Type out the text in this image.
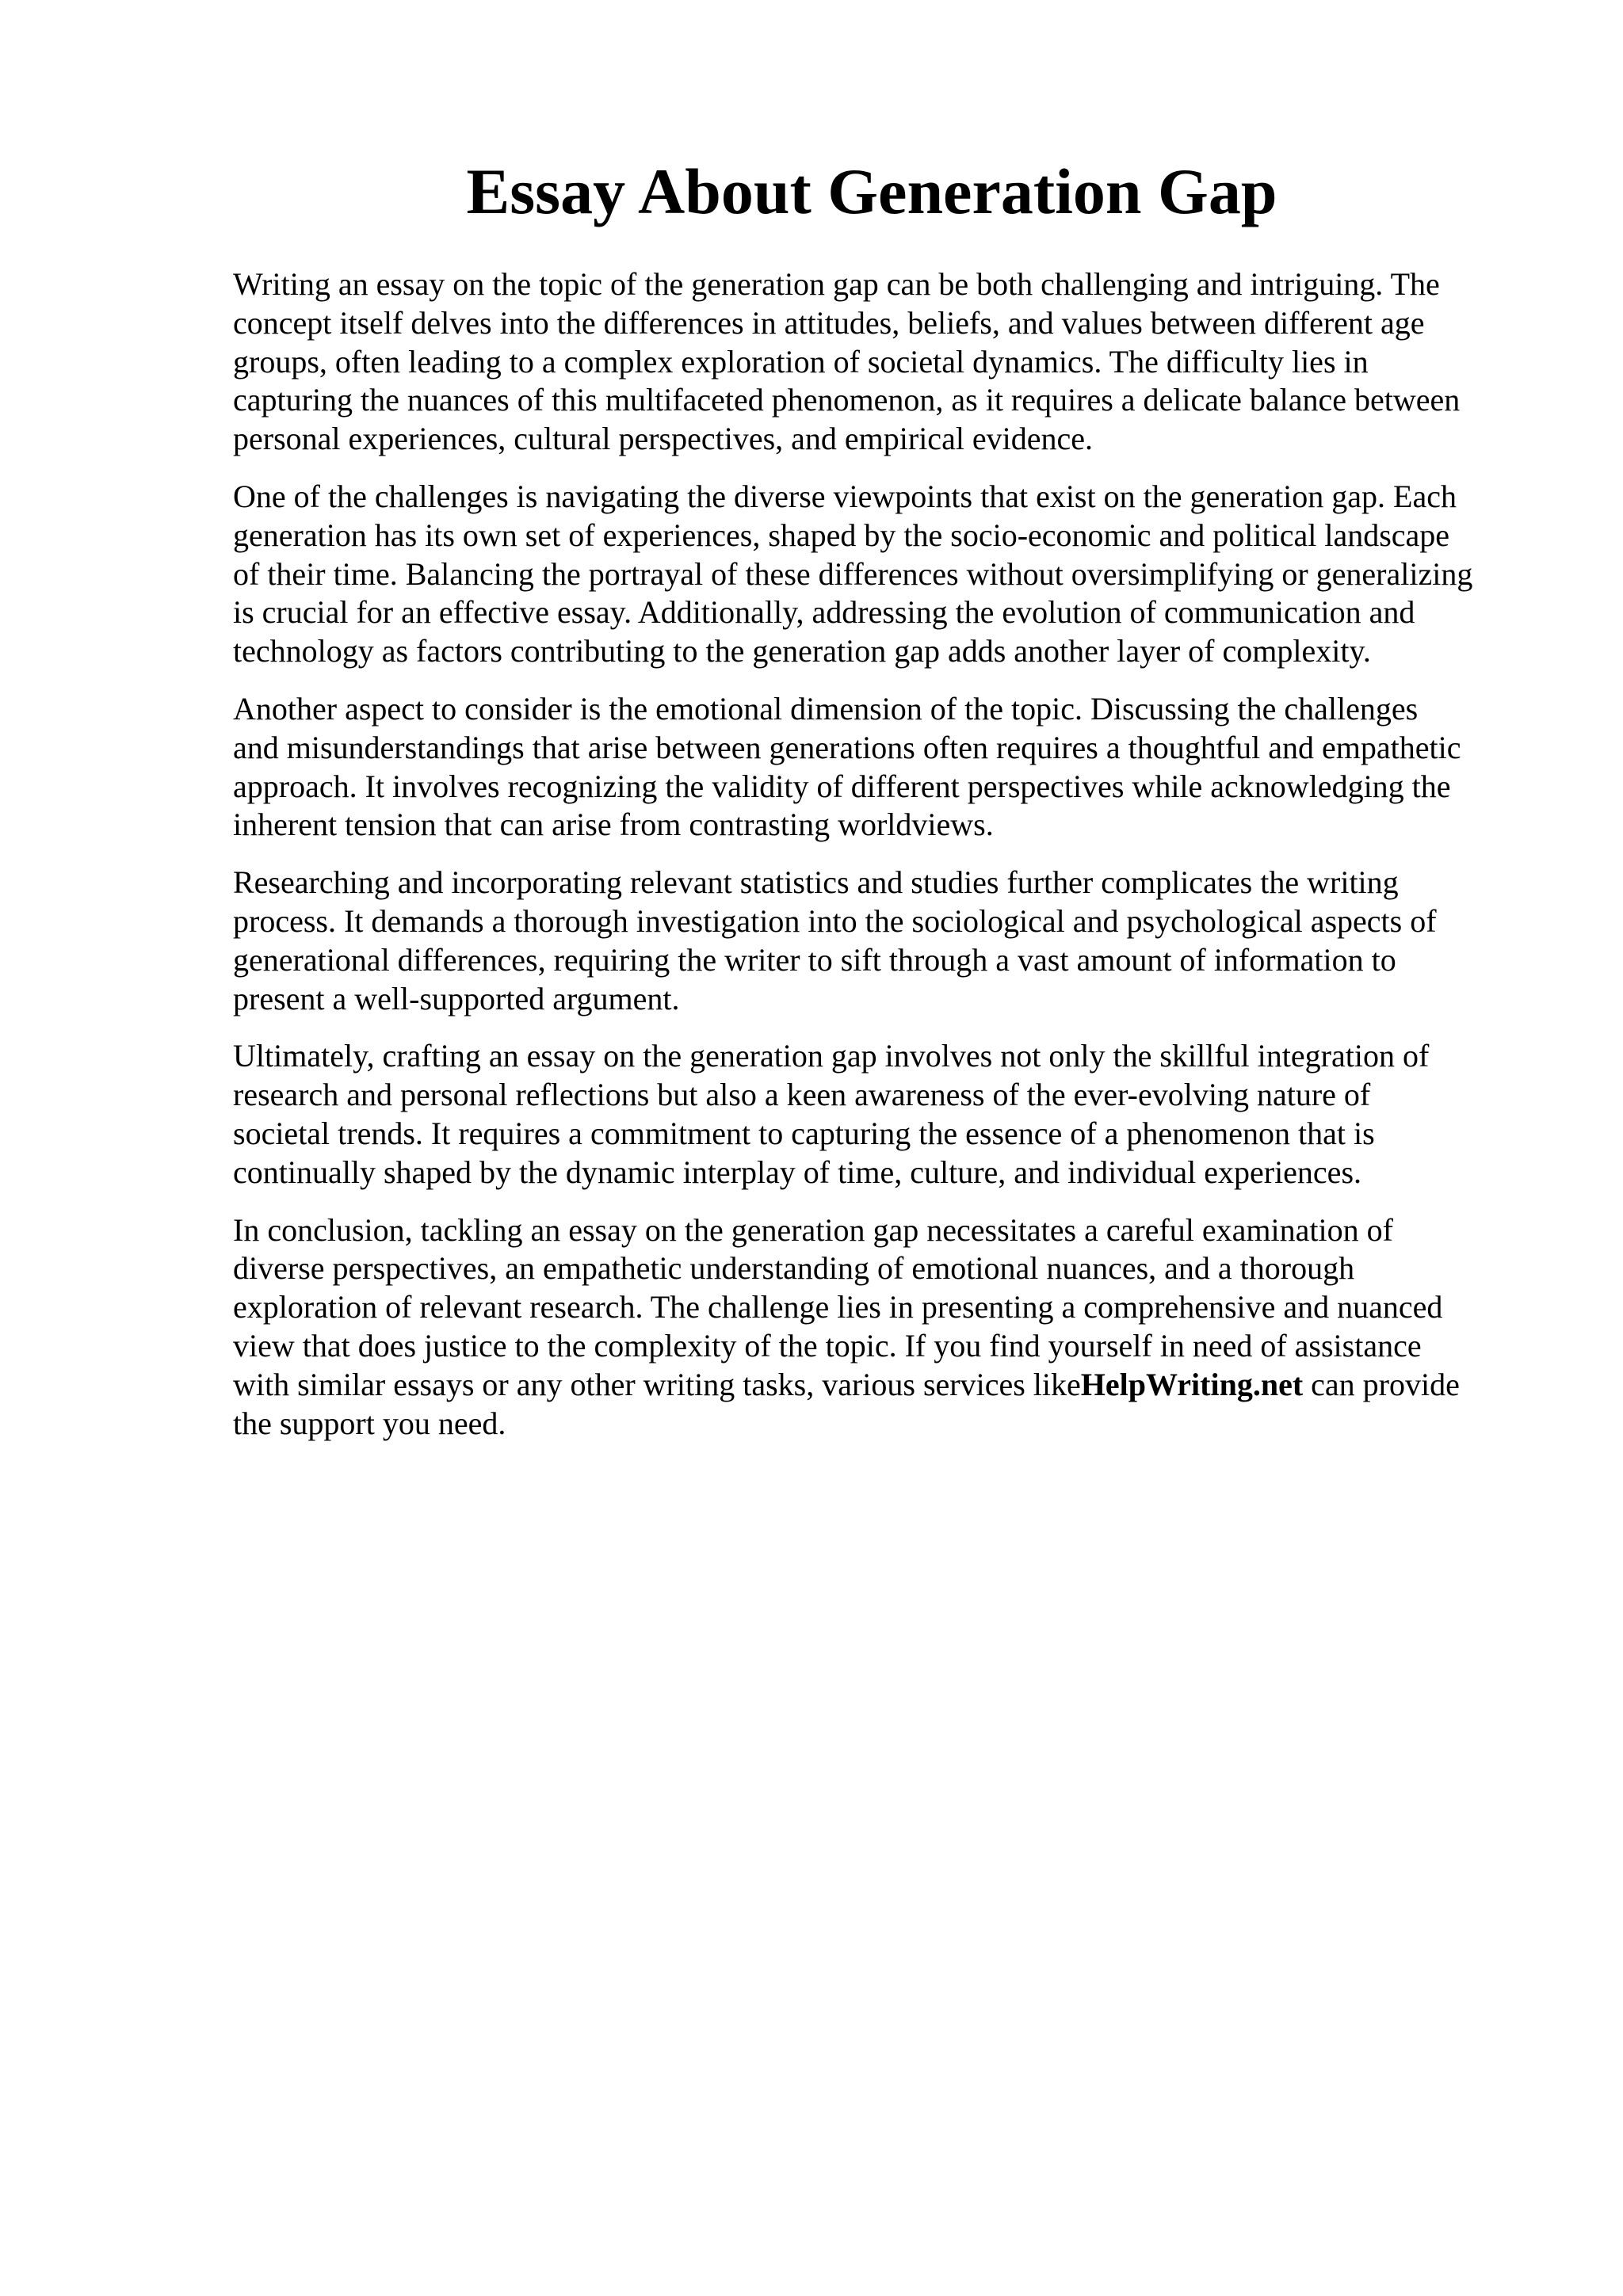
Essay About Generation Gap

Writing an essay on the topic of the generation gap can be both challenging and intriguing. The
concept itself delves into the differences in attitudes, beliefs, and values between different age
groups, often leading to a complex exploration of societal dynamics. The difficulty lies in
capturing the nuances of this multifaceted phenomenon, as it requires a delicate balance between
personal experiences, cultural perspectives, and empirical evidence.

One of the challenges is navigating the diverse viewpoints that exist on the generation gap. Each
generation has its own set of experiences, shaped by the socio-economic and political landscape
of their time. Balancing the portrayal of these differences without oversimplifying or generalizing
is crucial for an effective essay. Additionally, addressing the evolution of communication and
technology as factors contributing to the generation gap adds another layer of complexity.

Another aspect to consider is the emotional dimension of the topic. Discussing the challenges
and misunderstandings that arise between generations often requires a thoughtful and empathetic
approach. It involves recognizing the validity of different perspectives while acknowledging the
inherent tension that can arise from contrasting worldviews.

Researching and incorporating relevant statistics and studies further complicates the writing
process. It demands a thorough investigation into the sociological and psychological aspects of
generational differences, requiring the writer to sift through a vast amount of information to
present a well-supported argument.

Ultimately, crafting an essay on the generation gap involves not only the skillful integration of
research and personal reflections but also a keen awareness of the ever-evolving nature of
societal trends. It requires a commitment to capturing the essence of a phenomenon that is
continually shaped by the dynamic interplay of time, culture, and individual experiences.

In conclusion, tackling an essay on the generation gap necessitates a careful examination of
diverse perspectives, an empathetic understanding of emotional nuances, and a thorough
exploration of relevant research. The challenge lies in presenting a comprehensive and nuanced
view that does justice to the complexity of the topic. If you find yourself in need of assistance
with similar essays or any other writing tasks, various services likeHelpWriting.net can provide
the support you need.
